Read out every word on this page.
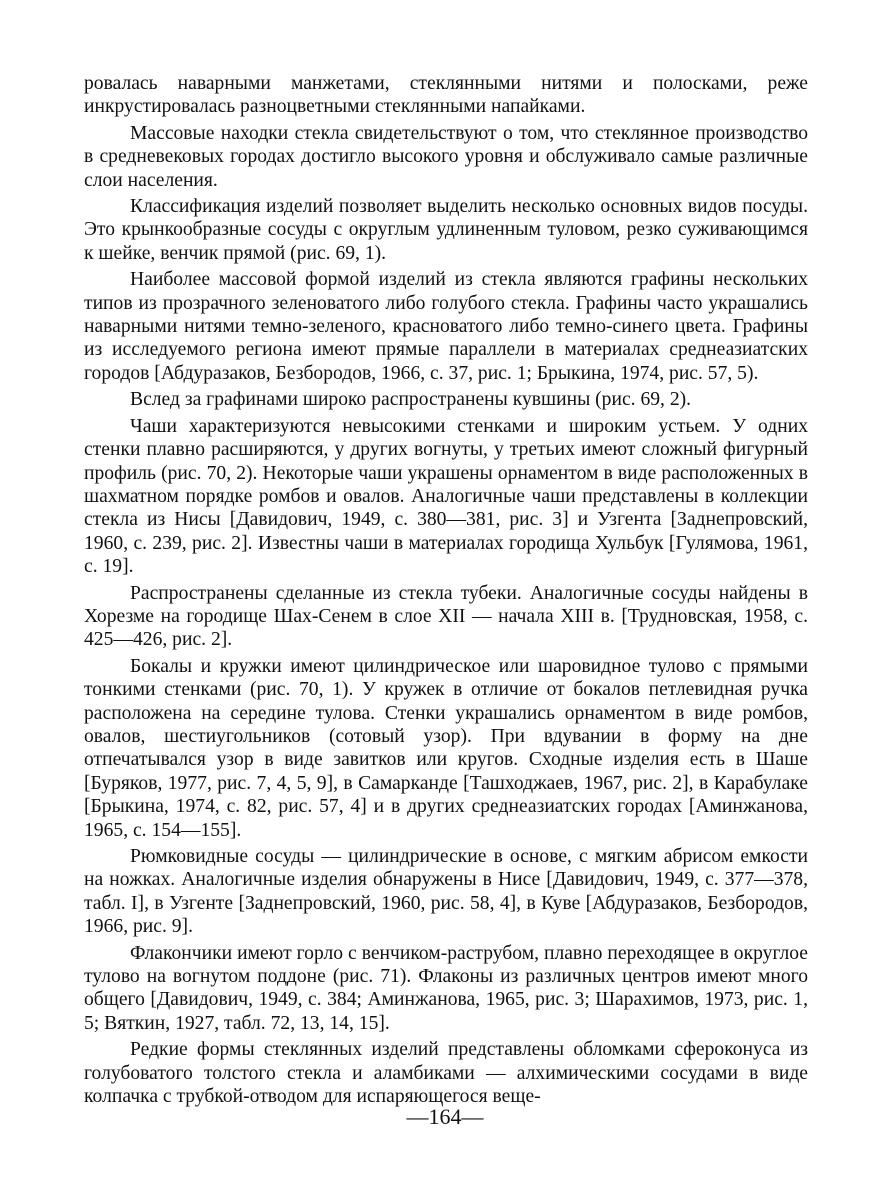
ровалась наварными манжетами, стеклянными нитями и полосками, реже инкрустировалась разноцветными стеклянными напайками.

Массовые находки стекла свидетельствуют о том, что стеклянное производство в средневековых городах достигло высокого уровня и обслуживало самые различные слои населения.

Классификация изделий позволяет выделить несколько основных видов посуды. Это крынкообразные сосуды с округлым удлиненным туловом, резко суживающимся к шейке, венчик прямой (рис. 69, 1).

Наиболее массовой формой изделий из стекла являются графины нескольких типов из прозрачного зеленоватого либо голубого стекла. Графины часто украшались наварными нитями темно-зеленого, красноватого либо темно-синего цвета. Графины из исследуемого региона имеют прямые параллели в материалах среднеазиатских городов [Абдуразаков, Безбородов, 1966, с. 37, рис. 1; Брыкина, 1974, рис. 57, 5).

Вслед за графинами широко распространены кувшины (рис. 69, 2).

Чаши характеризуются невысокими стенками и широким устьем. У одних стенки плавно расширяются, у других вогнуты, у третьих имеют сложный фигурный профиль (рис. 70, 2). Некоторые чаши украшены орнаментом в виде расположенных в шахматном порядке ромбов и овалов. Аналогичные чаши представлены в коллекции стекла из Нисы [Давидович, 1949, с. 380—381, рис. 3] и Узгента [Заднепровский, 1960, с. 239, рис. 2]. Известны чаши в материалах городища Хульбук [Гулямова, 1961, с. 19].

Распространены сделанные из стекла тубеки. Аналогичные сосуды найдены в Хорезме на городище Шах-Сенем в слое XII — начала XIII в. [Трудновская, 1958, с. 425—426, рис. 2].

Бокалы и кружки имеют цилиндрическое или шаровидное тулово с прямыми тонкими стенками (рис. 70, 1). У кружек в отличие от бокалов петлевидная ручка расположена на середине тулова. Стенки украшались орнаментом в виде ромбов, овалов, шестиугольников (сотовый узор). При вдувании в форму на дне отпечатывался узор в виде завитков или кругов. Сходные изделия есть в Шаше [Буряков, 1977, рис. 7, 4, 5, 9], в Самарканде [Ташходжаев, 1967, рис. 2], в Карабулаке [Брыкина, 1974, с. 82, рис. 57, 4] и в других среднеазиатских городах [Аминжанова, 1965, с. 154—155].

Рюмковидные сосуды — цилиндрические в основе, с мягким абрисом емкости на ножках. Аналогичные изделия обнаружены в Нисе [Давидович, 1949, с. 377—378, табл. I], в Узгенте [Заднепровский, 1960, рис. 58, 4], в Куве [Абдуразаков, Безбородов, 1966, рис. 9].

Флакончики имеют горло с венчиком-раструбом, плавно переходящее в округлое тулово на вогнутом поддоне (рис. 71). Флаконы из различных центров имеют много общего [Давидович, 1949, с. 384; Аминжанова, 1965, рис. 3; Шарахимов, 1973, рис. 1, 5; Вяткин, 1927, табл. 72, 13, 14, 15].

Редкие формы стеклянных изделий представлены обломками сфероконуса из голубоватого толстого стекла и аламбиками — алхимическими сосудами в виде колпачка с трубкой-отводом для испаряющегося веще-

—164—
